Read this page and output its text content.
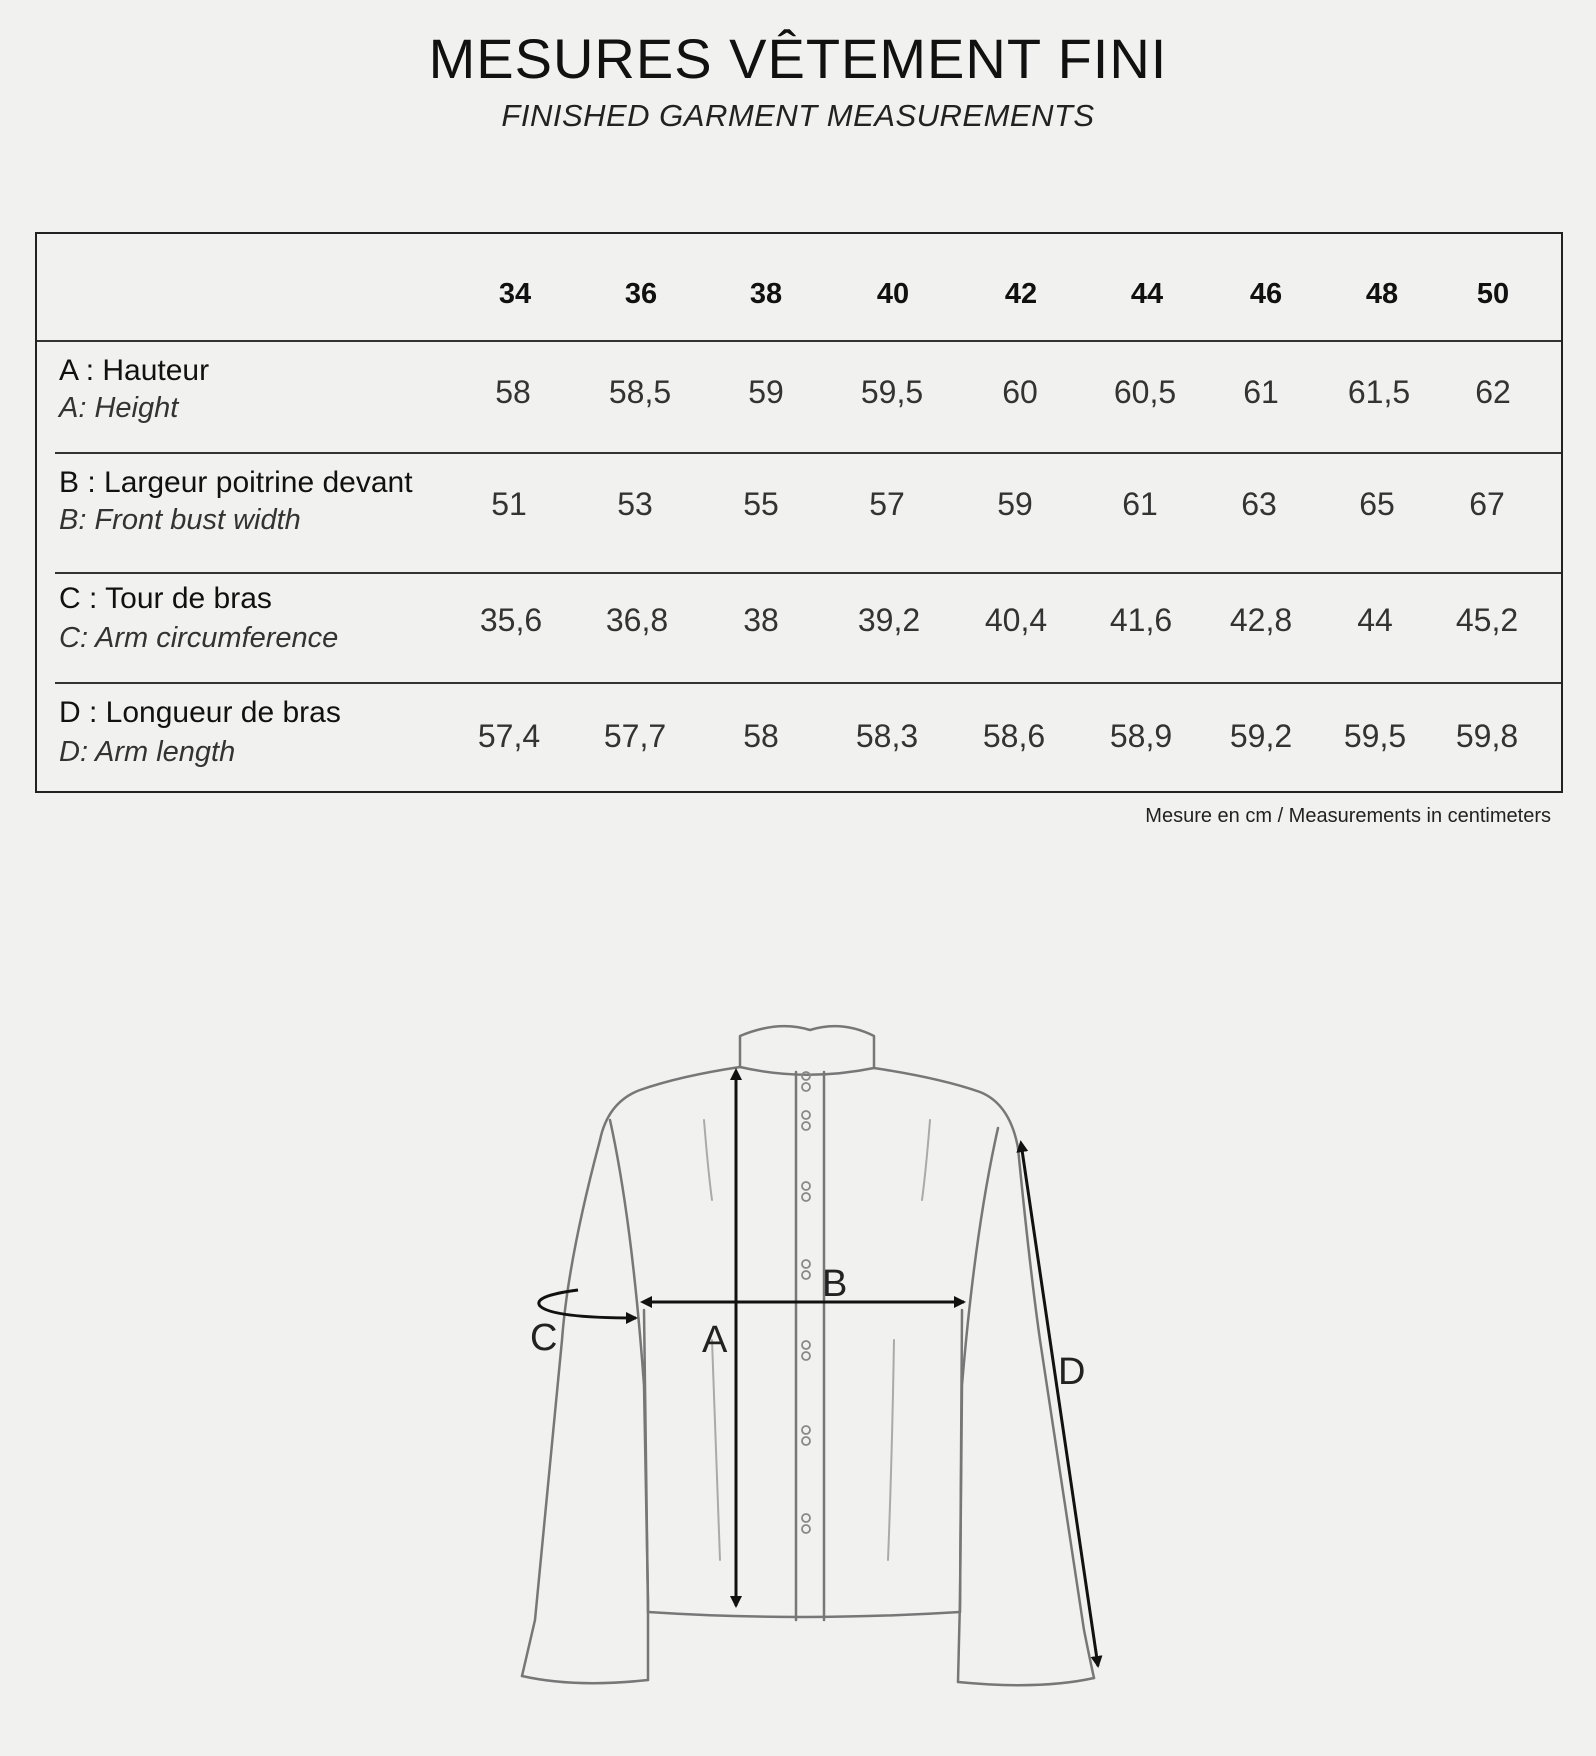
MESURES VÊTEMENT FINI
FINISHED GARMENT MEASUREMENTS
34	36	38	40	42	44	46	48	50
A : Hauteur
A: Height	58	58,5	59	59,5	60	60,5	61	61,5	62
B : Largeur poitrine devant
B: Front bust width	51	53	55	57	59	61	63	65	67
C : Tour de bras
C: Arm circumference	35,6	36,8	38	39,2	40,4	41,6	42,8	44	45,2
D : Longueur de bras
D: Arm length	57,4	57,7	58	58,3	58,6	58,9	59,2	59,5	59,8
Mesure en cm / Measurements in centimeters
A
B
C
D
